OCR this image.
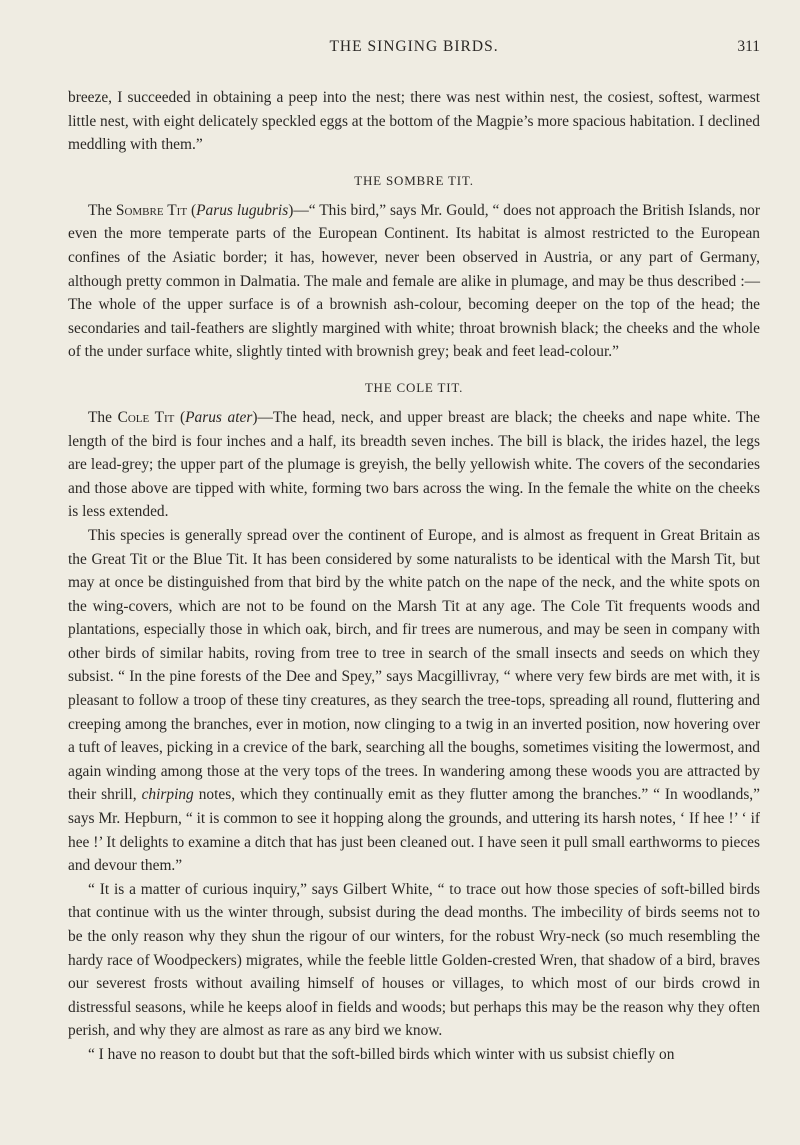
THE SINGING BIRDS.	311

breeze, I succeeded in obtaining a peep into the nest; there was nest within nest, the cosiest, softest, warmest little nest, with eight delicately speckled eggs at the bottom of the Magpie’s more spacious habitation. I declined meddling with them.”

THE SOMBRE TIT.

The Sombre Tit (Parus lugubris)—“ This bird,” says Mr. Gould, “ does not approach the British Islands, nor even the more temperate parts of the European Continent. Its habitat is almost restricted to the European confines of the Asiatic border; it has, however, never been observed in Austria, or any part of Germany, although pretty common in Dalmatia. The male and female are alike in plumage, and may be thus described :—The whole of the upper surface is of a brownish ash-colour, becoming deeper on the top of the head; the secondaries and tail-feathers are slightly margined with white; throat brownish black; the cheeks and the whole of the under surface white, slightly tinted with brownish grey; beak and feet lead-colour.”

THE COLE TIT.

The Cole Tit (Parus ater)—The head, neck, and upper breast are black; the cheeks and nape white. The length of the bird is four inches and a half, its breadth seven inches. The bill is black, the irides hazel, the legs are lead-grey; the upper part of the plumage is greyish, the belly yellowish white. The covers of the secondaries and those above are tipped with white, forming two bars across the wing. In the female the white on the cheeks is less extended.

This species is generally spread over the continent of Europe, and is almost as frequent in Great Britain as the Great Tit or the Blue Tit. It has been considered by some naturalists to be identical with the Marsh Tit, but may at once be distinguished from that bird by the white patch on the nape of the neck, and the white spots on the wing-covers, which are not to be found on the Marsh Tit at any age. The Cole Tit frequents woods and plantations, especially those in which oak, birch, and fir trees are numerous, and may be seen in company with other birds of similar habits, roving from tree to tree in search of the small insects and seeds on which they subsist. “ In the pine forests of the Dee and Spey,” says Macgillivray, “ where very few birds are met with, it is pleasant to follow a troop of these tiny creatures, as they search the tree-tops, spreading all round, fluttering and creeping among the branches, ever in motion, now clinging to a twig in an inverted position, now hovering over a tuft of leaves, picking in a crevice of the bark, searching all the boughs, sometimes visiting the lowermost, and again winding among those at the very tops of the trees. In wandering among these woods you are attracted by their shrill, chirping notes, which they continually emit as they flutter among the branches.” “ In woodlands,” says Mr. Hepburn, “ it is common to see it hopping along the grounds, and uttering its harsh notes, ‘ If hee !’ ‘ if hee !’ It delights to examine a ditch that has just been cleaned out. I have seen it pull small earthworms to pieces and devour them.”

“ It is a matter of curious inquiry,” says Gilbert White, “ to trace out how those species of soft-billed birds that continue with us the winter through, subsist during the dead months. The imbecility of birds seems not to be the only reason why they shun the rigour of our winters, for the robust Wry-neck (so much resembling the hardy race of Woodpeckers) migrates, while the feeble little Golden-crested Wren, that shadow of a bird, braves our severest frosts without availing himself of houses or villages, to which most of our birds crowd in distressful seasons, while he keeps aloof in fields and woods; but perhaps this may be the reason why they often perish, and why they are almost as rare as any bird we know.

“ I have no reason to doubt but that the soft-billed birds which winter with us subsist chiefly on
